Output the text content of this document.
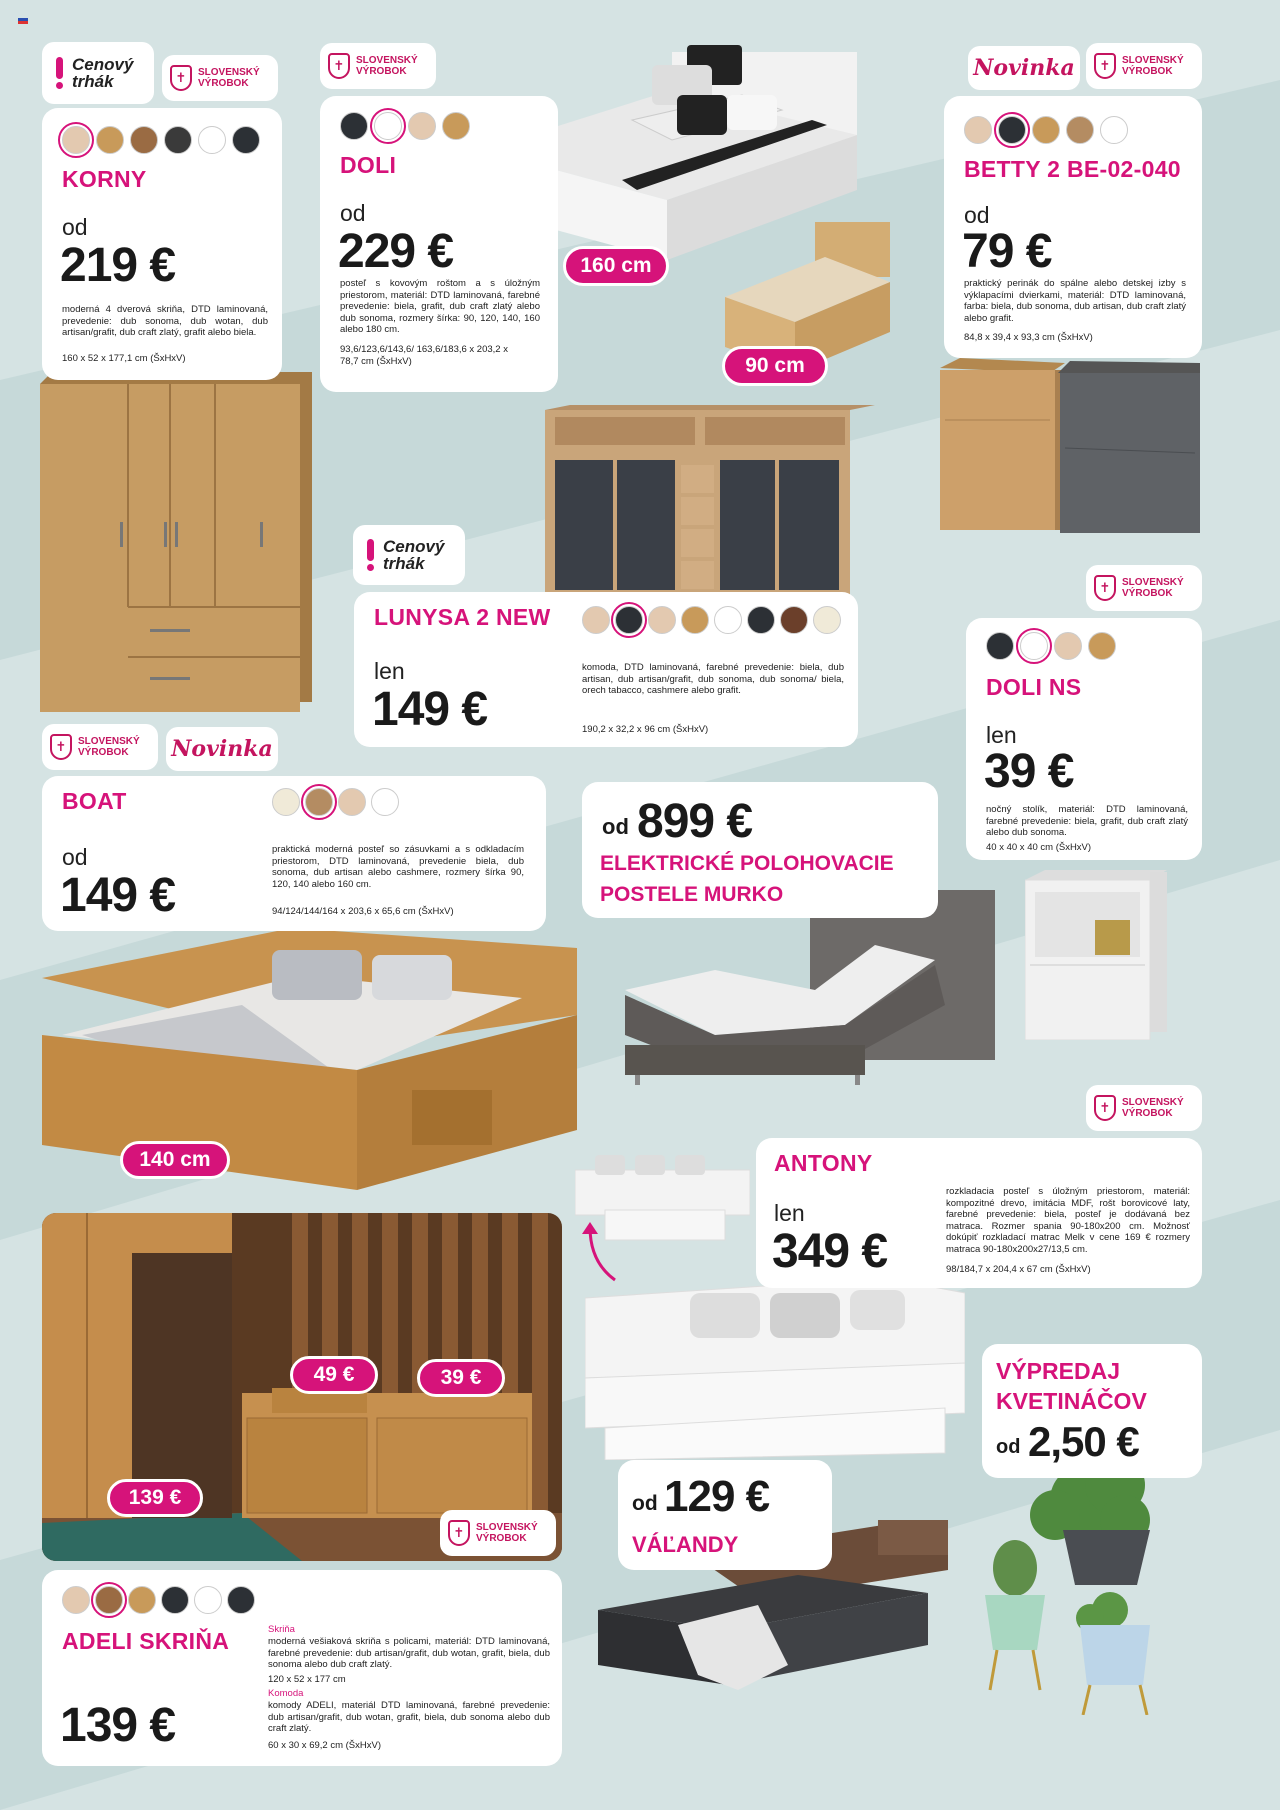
Cenový
trhák	✝	SLOVENSKÝ
VÝROBOK
✝	SLOVENSKÝ
VÝROBOK	Novinka	✝	SLOVENSKÝ
VÝROBOK
Cenový
trhák
✝	SLOVENSKÝ
VÝROBOK
✝	SLOVENSKÝ
VÝROBOK	Novinka
✝	SLOVENSKÝ
VÝROBOK
✝	SLOVENSKÝ
VÝROBOK
KORNY
od
219 €
moderná 4 dverová skriňa, DTD laminovaná, prevedenie: dub sonoma, dub wotan, dub artisan/grafit, dub craft zlatý, grafit alebo biela.
160 x 52 x 177,1 cm (ŠxHxV)
DOLI
od
229 €
posteľ s kovovým roštom a s úložným priestorom, materiál: DTD laminovaná, farebné prevedenie: biela, grafit, dub craft zlatý alebo dub sonoma, rozmery šírka: 90, 120, 140, 160 alebo 180 cm.
93,6/123,6/143,6/ 163,6/183,6 x 203,2 x 78,7 cm (ŠxHxV)
160 cm
90 cm
BETTY 2 BE-02-040
od
79 €
praktický perinák do spálne alebo detskej izby s výklapacími dvierkami, materiál: DTD laminovaná, farba: biela, dub sonoma, dub artisan, dub craft zlatý alebo grafit.
84,8 x 39,4 x 93,3 cm (ŠxHxV)
LUNYSA 2 NEW
len
149 €
komoda, DTD laminovaná, farebné prevedenie: biela, dub artisan, dub artisan/grafit, dub sonoma, dub sonoma/ biela, orech tabacco, cashmere alebo grafit.
190,2 x 32,2 x 96 cm (ŠxHxV)
DOLI NS
len
39 €
nočný stolík, materiál: DTD laminovaná, farebné prevedenie: biela, grafit, dub craft zlatý alebo dub sonoma.
40 x 40 x 40 cm (ŠxHxV)
BOAT
od
149 €
praktická moderná posteľ so zásuvkami a s odkladacím priestorom, DTD laminovaná, prevedenie biela, dub sonoma, dub artisan alebo cashmere, rozmery šírka 90, 120, 140 alebo 160 cm.
94/124/144/164 x 203,6 x 65,6 cm (ŠxHxV)
140 cm
od 899 €
ELEKTRICKÉ POLOHOVACIE POSTELE MURKO
ANTONY
len
349 €
rozkladacia posteľ s úložným priestorom, materiál: kompozitné drevo, imitácia MDF, rošt borovicové laty, farebné prevedenie: biela, posteľ je dodávaná bez matraca. Rozmer spania 90-180x200 cm. Možnosť dokúpiť rozkladací matrac Melk v cene 169 € rozmery matraca 90-180x200x27/13,5 cm.
98/184,7 x 204,4 x 67 cm (ŠxHxV)
49 €	39 €
139 €
ADELI SKRIŇA
139 €
Skriňa
moderná vešiaková skriňa s policami, materiál: DTD laminovaná, farebné prevedenie: dub artisan/grafit, dub wotan, grafit, biela, dub sonoma alebo dub craft zlatý.
120 x 52 x 177 cm
Komoda
komody ADELI, materiál DTD laminovaná, farebné prevedenie: dub artisan/grafit, dub wotan, grafit, biela, dub sonoma alebo dub craft zlatý.
60 x 30 x 69,2 cm (ŠxHxV)
VÝPREDAJ
KVETINÁČOV
od 2,50 €
od 129 €
VÁĽANDY
